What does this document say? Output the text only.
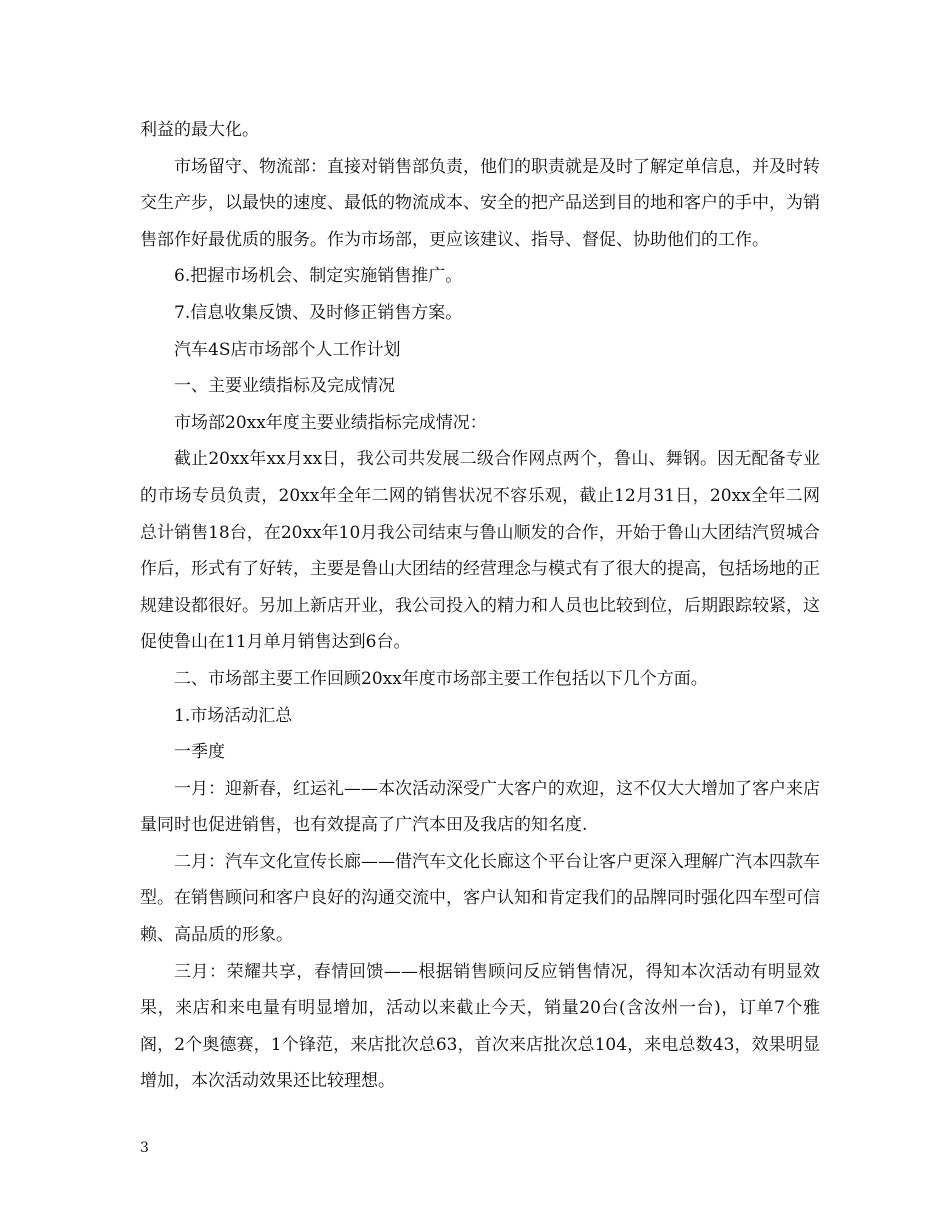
利益的最大化。

市场留守、物流部：直接对销售部负责，他们的职责就是及时了解定单信息，并及时转交生产步，以最快的速度、最低的物流成本、安全的把产品送到目的地和客户的手中，为销售部作好最优质的服务。作为市场部，更应该建议、指导、督促、协助他们的工作。

6.把握市场机会、制定实施销售推广。

7.信息收集反馈、及时修正销售方案。

汽车4S店市场部个人工作计划

一、主要业绩指标及完成情况

市场部20xx年度主要业绩指标完成情况：

截止20xx年xx月xx日，我公司共发展二级合作网点两个，鲁山、舞钢。因无配备专业的市场专员负责，20xx年全年二网的销售状况不容乐观，截止12月31日，20xx全年二网总计销售18台，在20xx年10月我公司结束与鲁山顺发的合作，开始于鲁山大团结汽贸城合作后，形式有了好转，主要是鲁山大团结的经营理念与模式有了很大的提高，包括场地的正规建设都很好。另加上新店开业，我公司投入的精力和人员也比较到位，后期跟踪较紧，这促使鲁山在11月单月销售达到6台。

二、市场部主要工作回顾20xx年度市场部主要工作包括以下几个方面。

1.市场活动汇总

一季度

一月：迎新春，红运礼——本次活动深受广大客户的欢迎，这不仅大大增加了客户来店量同时也促进销售，也有效提高了广汽本田及我店的知名度.

二月：汽车文化宣传长廊——借汽车文化长廊这个平台让客户更深入理解广汽本四款车型。在销售顾问和客户良好的沟通交流中，客户认知和肯定我们的品牌同时强化四车型可信赖、高品质的形象。

三月：荣耀共享，春情回馈——根据销售顾问反应销售情况，得知本次活动有明显效果，来店和来电量有明显增加，活动以来截止今天，销量20台(含汝州一台)，订单7个雅阁，2个奥德赛，1个锋范，来店批次总63，首次来店批次总104，来电总数43，效果明显增加，本次活动效果还比较理想。

3
